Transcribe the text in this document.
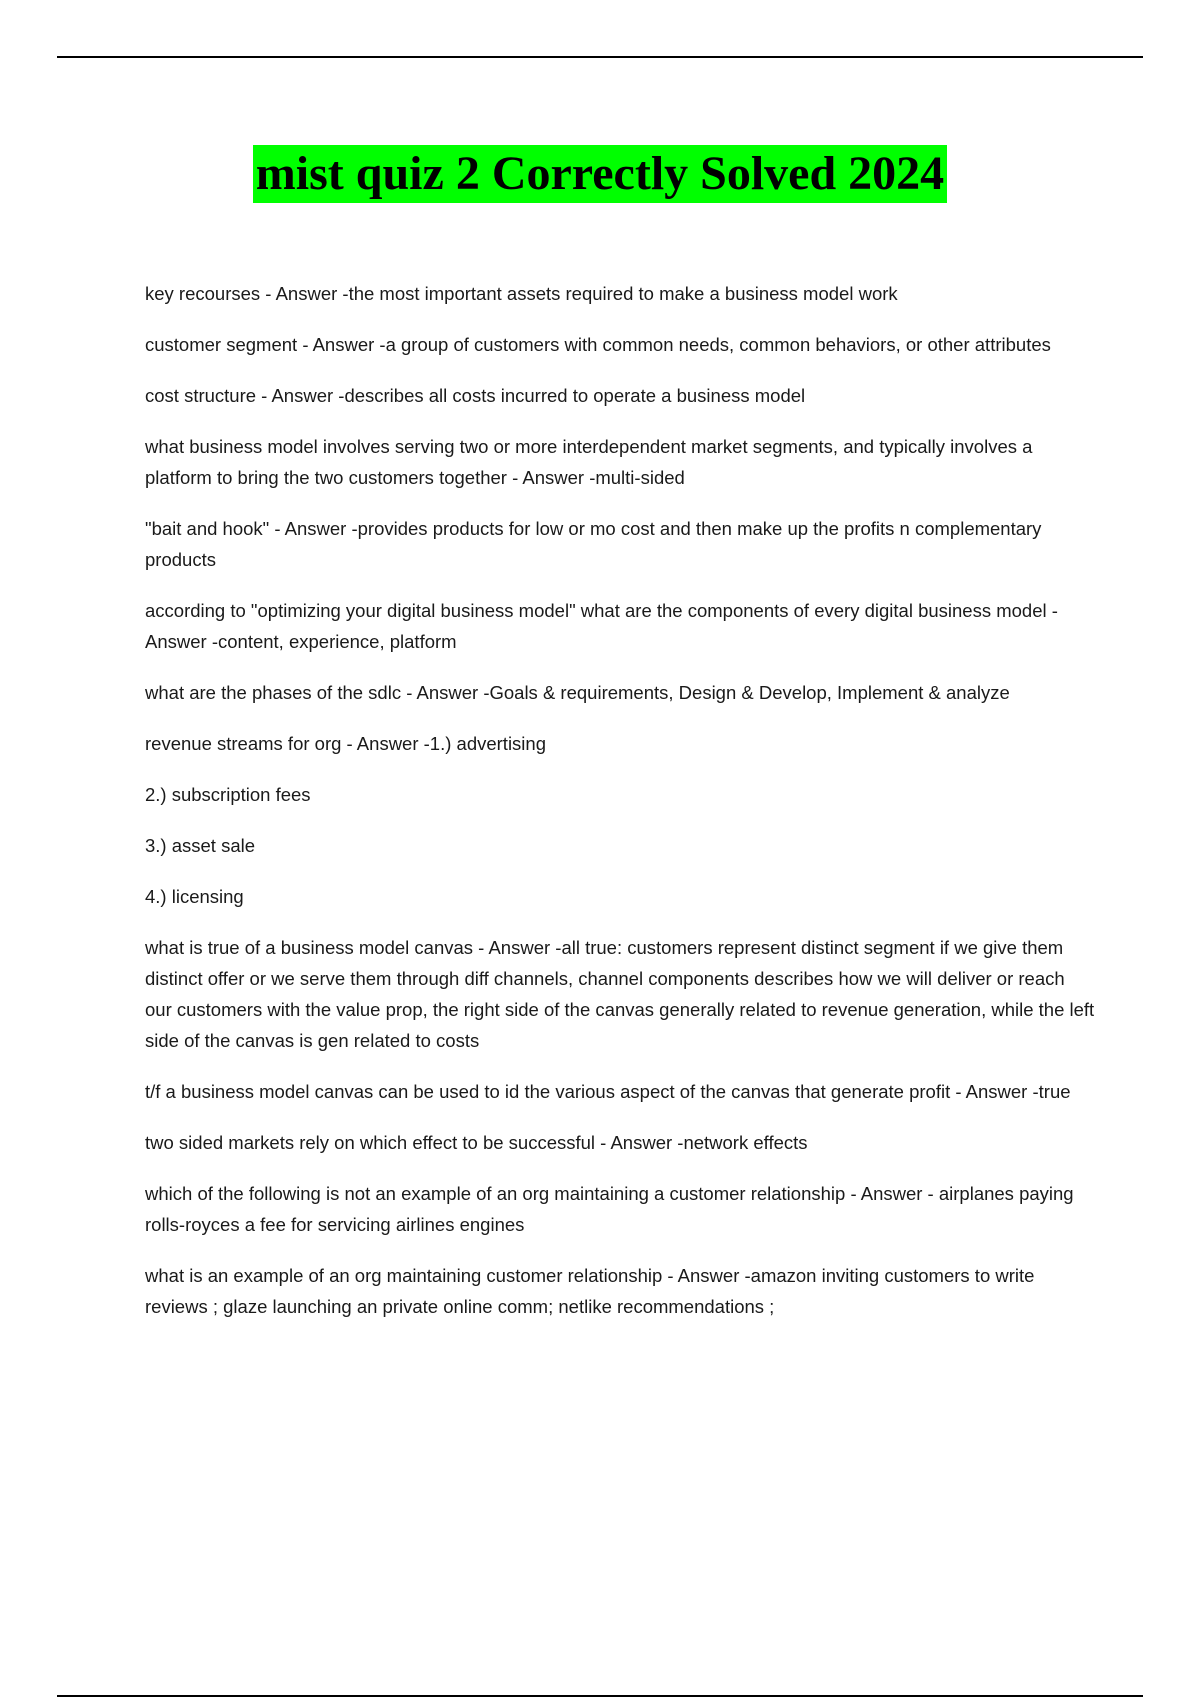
mist quiz 2 Correctly Solved 2024

key recourses - Answer -the most important assets required to make a business model work

customer segment - Answer -a group of customers with common needs, common behaviors, or other attributes

cost structure - Answer -describes all costs incurred to operate a business model

what business model involves serving two or more interdependent market segments, and typically involves a platform to bring the two customers together - Answer -multi-sided

"bait and hook" - Answer -provides products for low or mo cost and then make up the profits n complementary products

according to "optimizing your digital business model" what are the components of every digital business model - Answer -content, experience, platform

what are the phases of the sdlc - Answer -Goals & requirements, Design & Develop, Implement & analyze

revenue streams for org - Answer -1.) advertising

2.) subscription fees

3.) asset sale

4.) licensing

what is true of a business model canvas - Answer -all true: customers represent distinct segment if we give them distinct offer or we serve them through diff channels, channel components describes how we will deliver or reach our customers with the value prop, the right side of the canvas generally related to revenue generation, while the left side of the canvas is gen related to costs

t/f a business model canvas can be used to id the various aspect of the canvas that generate profit - Answer -true

two sided markets rely on which effect to be successful - Answer -network effects

which of the following is not an example of an org maintaining a customer relationship - Answer - airplanes paying rolls-royces a fee for servicing airlines engines

what is an example of an org maintaining customer relationship - Answer -amazon inviting customers to write reviews ; glaze launching an private online comm; netlike recommendations ;
